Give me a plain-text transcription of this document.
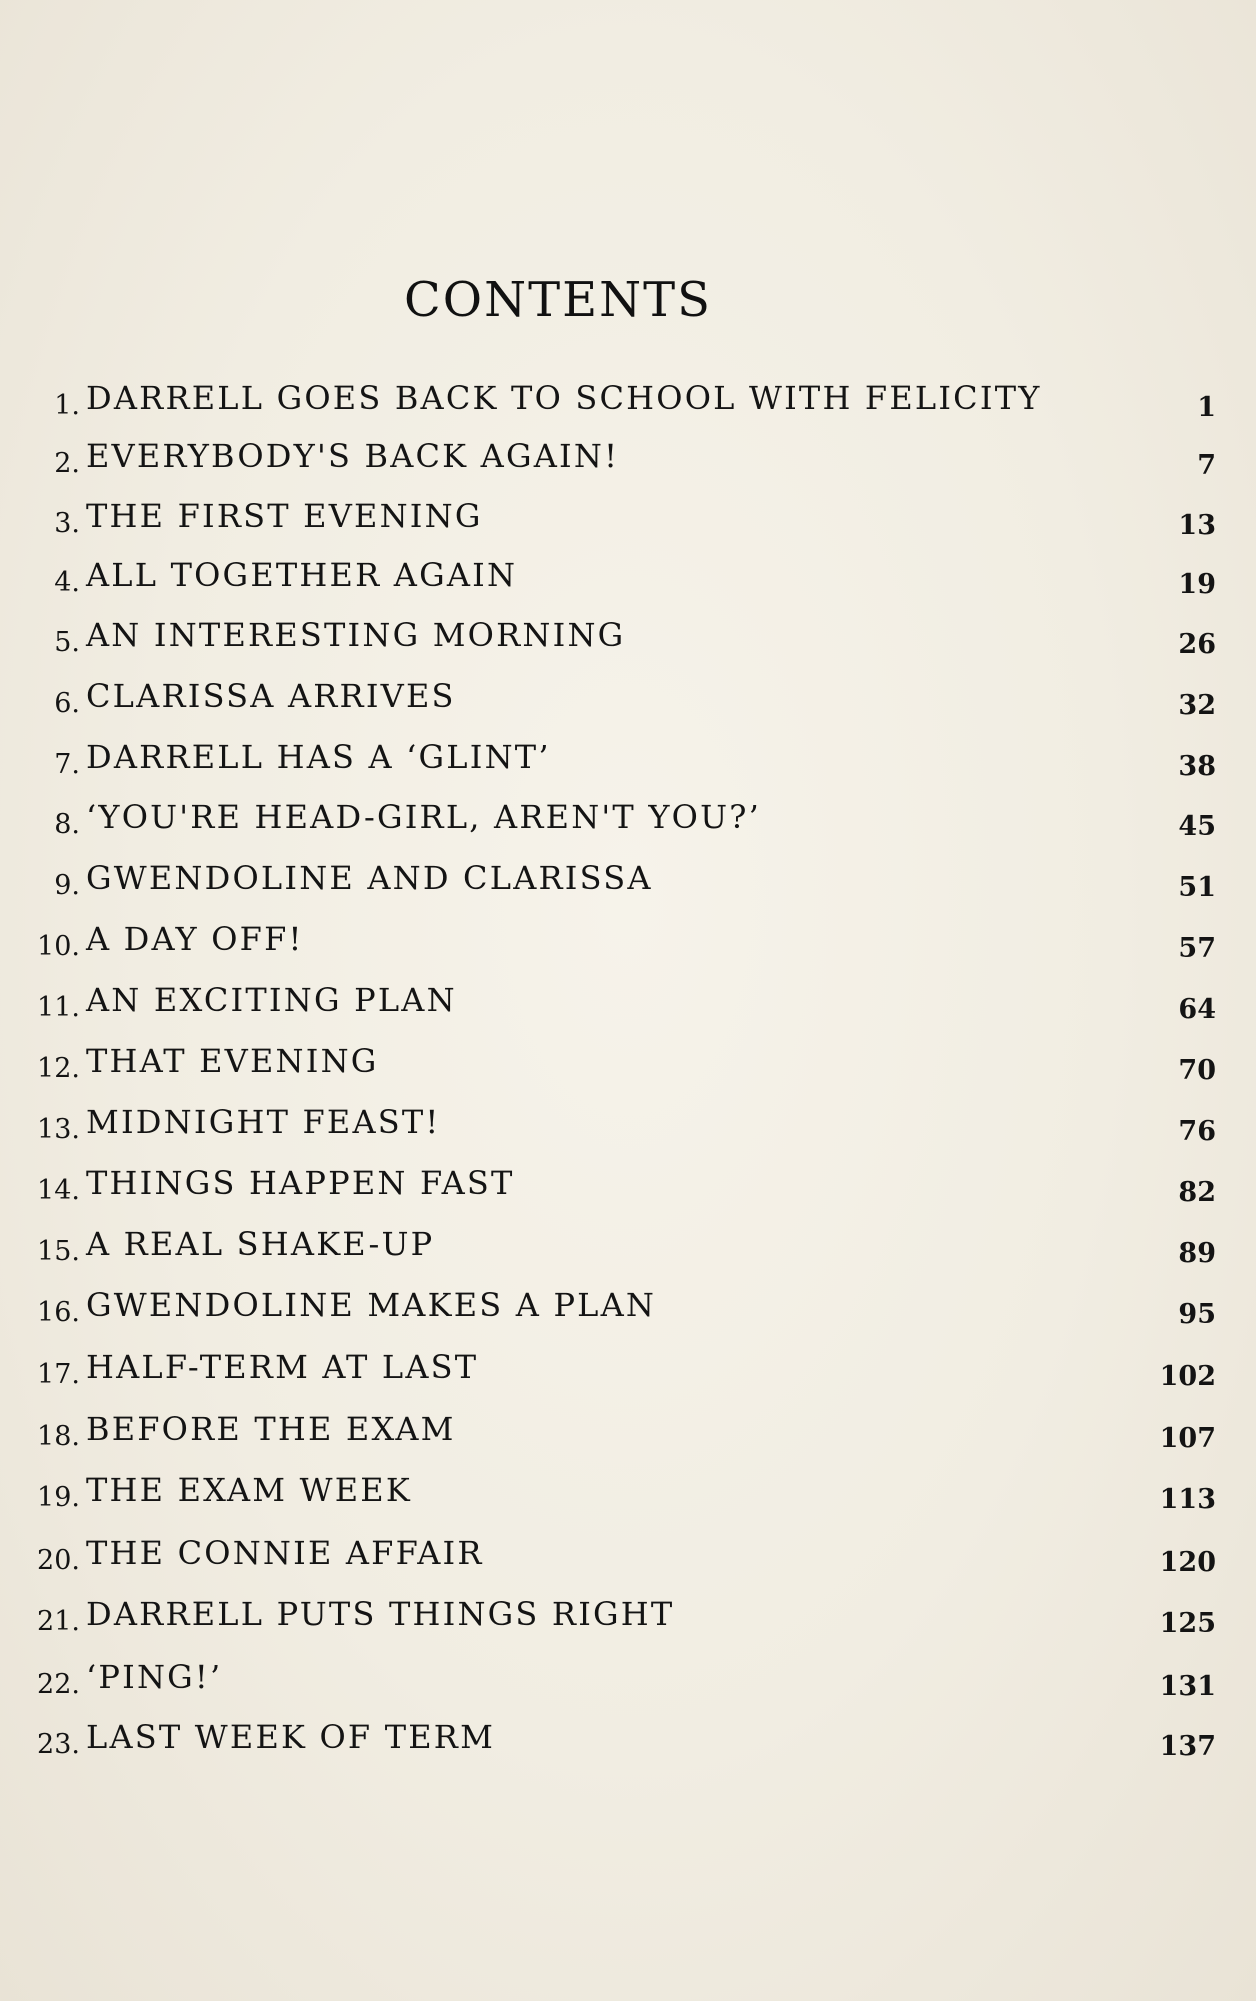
CONTENTS
1. DARRELL GOES BACK TO SCHOOL WITH FELICITY	1
2. EVERYBODY'S BACK AGAIN!	7
3. THE FIRST EVENING	13
4. ALL TOGETHER AGAIN	19
5. AN INTERESTING MORNING	26
6. CLARISSA ARRIVES	32
7. DARRELL HAS A ‘GLINT’	38
8. ‘YOU'RE HEAD-GIRL, AREN'T YOU?’	45
9. GWENDOLINE AND CLARISSA	51
10. A DAY OFF!	57
11. AN EXCITING PLAN	64
12. THAT EVENING	70
13. MIDNIGHT FEAST!	76
14. THINGS HAPPEN FAST	82
15. A REAL SHAKE-UP	89
16. GWENDOLINE MAKES A PLAN	95
17. HALF-TERM AT LAST	102
18. BEFORE THE EXAM	107
19. THE EXAM WEEK	113
20. THE CONNIE AFFAIR	120
21. DARRELL PUTS THINGS RIGHT	125
22. ‘PING!’	131
23. LAST WEEK OF TERM	137
